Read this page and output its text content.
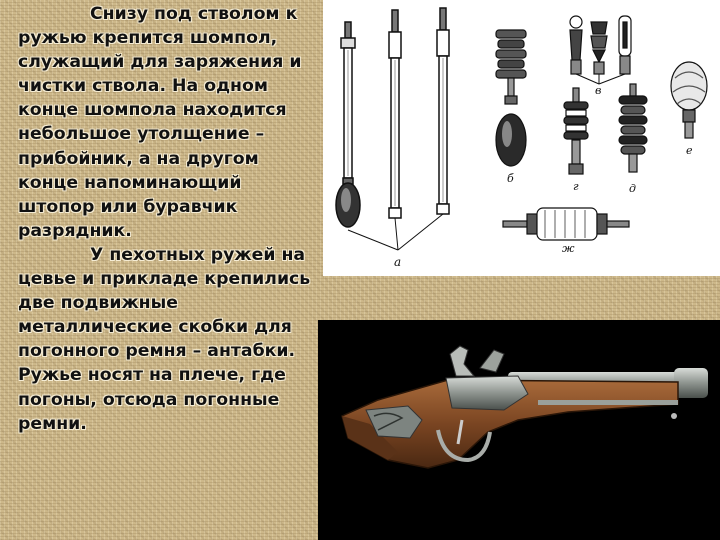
Снизу под стволом к ружью крепится шомпол, служащий для заряжения и чистки ствола. На одном конце шомпола находится небольшое утолщение – прибойник, а на другом конце напоминающий штопор или буравчик разрядник.

У пехотных ружей на цевье и прикладе крепились две подвижные металлические скобки для погонного ремня – антабки. Ружье носят на плече, где погоны, отсюда погонные ремни.

а
б
в
г	д
е
ж
